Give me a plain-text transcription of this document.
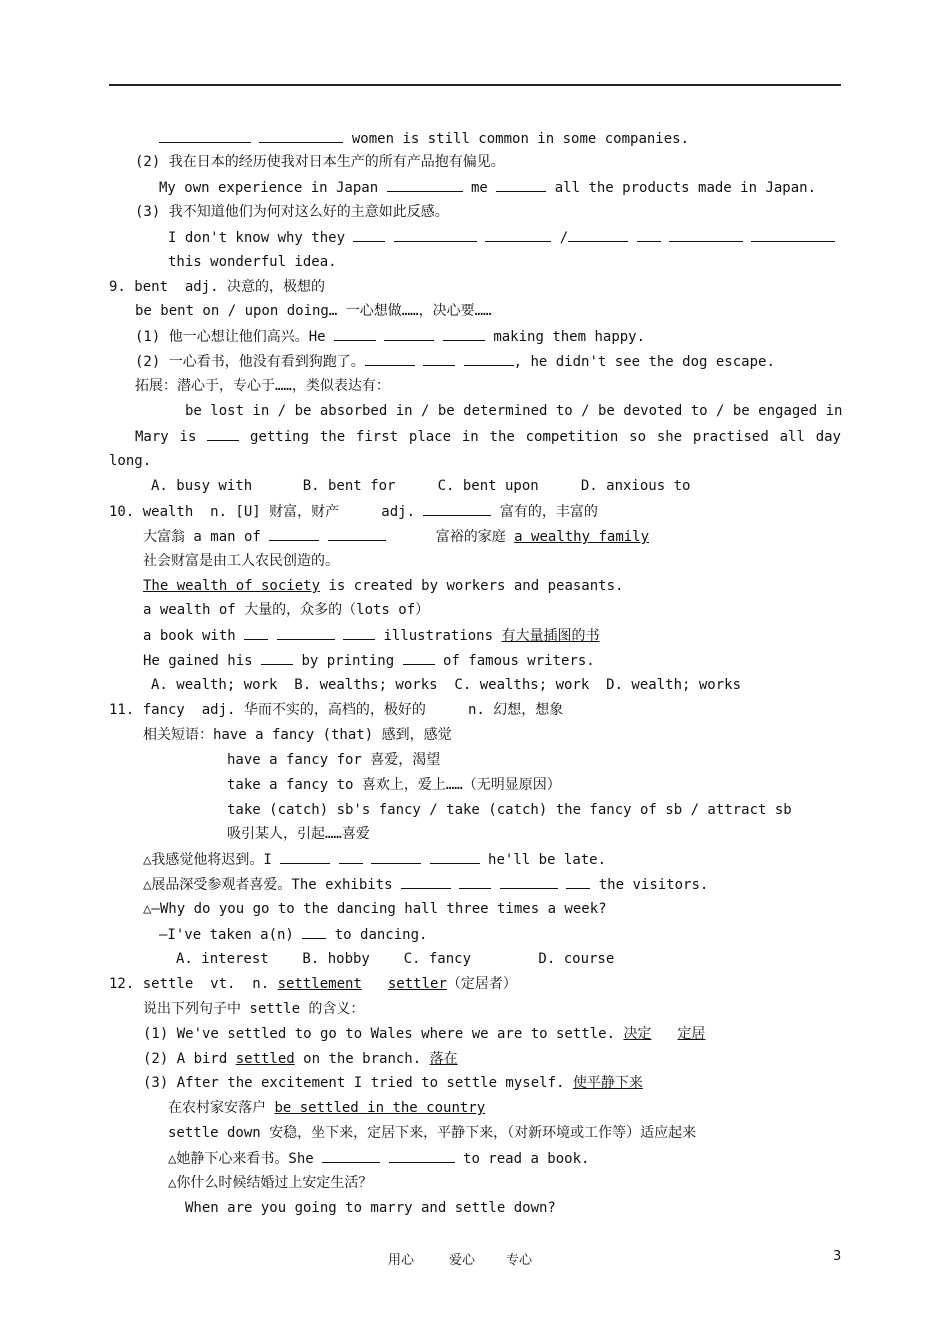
women is still common in some companies.
(2) 我在日本的经历使我对日本生产的所有产品抱有偏见。
My own experience in Japan	me	all the products made in Japan.
(3) 我不知道他们为何对这么好的主意如此反感。
I don't know why they	/
this wonderful idea.
9. bent  adj. 决意的，极想的
be bent on / upon doing… 一心想做……，决心要……
(1) 他一心想让他们高兴。He	making them happy.
(2) 一心看书，他没有看到狗跑了。	, he didn't see the dog escape.
拓展：潜心于，专心于……，类似表达有：
be lost in / be absorbed in / be determined to / be devoted to / be engaged in
Mary is  getting the first place in the competition so she practised all day
long.
A. busy with      B. bent for     C. bent upon     D. anxious to
10. wealth  n. [U] 财富，财产     adj.	富有的，丰富的
大富翁 a man of	富裕的家庭 a wealthy family
社会财富是由工人农民创造的。
The wealth of society is created by workers and peasants.
a wealth of 大量的，众多的（lots of）
a book with	illustrations 有大量插图的书
He gained his  by printing  of famous writers.
A. wealth; work  B. wealths; works  C. wealths; work  D. wealth; works
11. fancy  adj. 华而不实的，高档的，极好的     n. 幻想，想象
相关短语：have a fancy (that) 感到，感觉
have a fancy for 喜爱，渴望
take a fancy to 喜欢上，爱上……（无明显原因）
take (catch) sb's fancy / take (catch) the fancy of sb / attract sb
吸引某人，引起……喜爱
△我感觉他将迟到。I	he'll be late.
△展品深受参观者喜爱。The exhibits	the visitors.
△—Why do you go to the dancing hall three times a week?
—I've taken a(n)  to dancing.
A. interest    B. hobby    C. fancy        D. course
12. settle  vt.  n. settlement settler（定居者）
说出下列句子中 settle 的含义：
(1) We've settled to go to Wales where we are to settle. 决定 定居
(2) A bird settled on the branch. 落在
(3) After the excitement I tried to settle myself. 使平静下来
在农村家安落户 be settled in the country
settle down 安稳，坐下来，定居下来，平静下来，（对新环境或工作等）适应起来
△她静下心来看书。She	to read a book.
△你什么时候结婚过上安定生活？
When are you going to marry and settle down?
用心	爱心 专心	3
